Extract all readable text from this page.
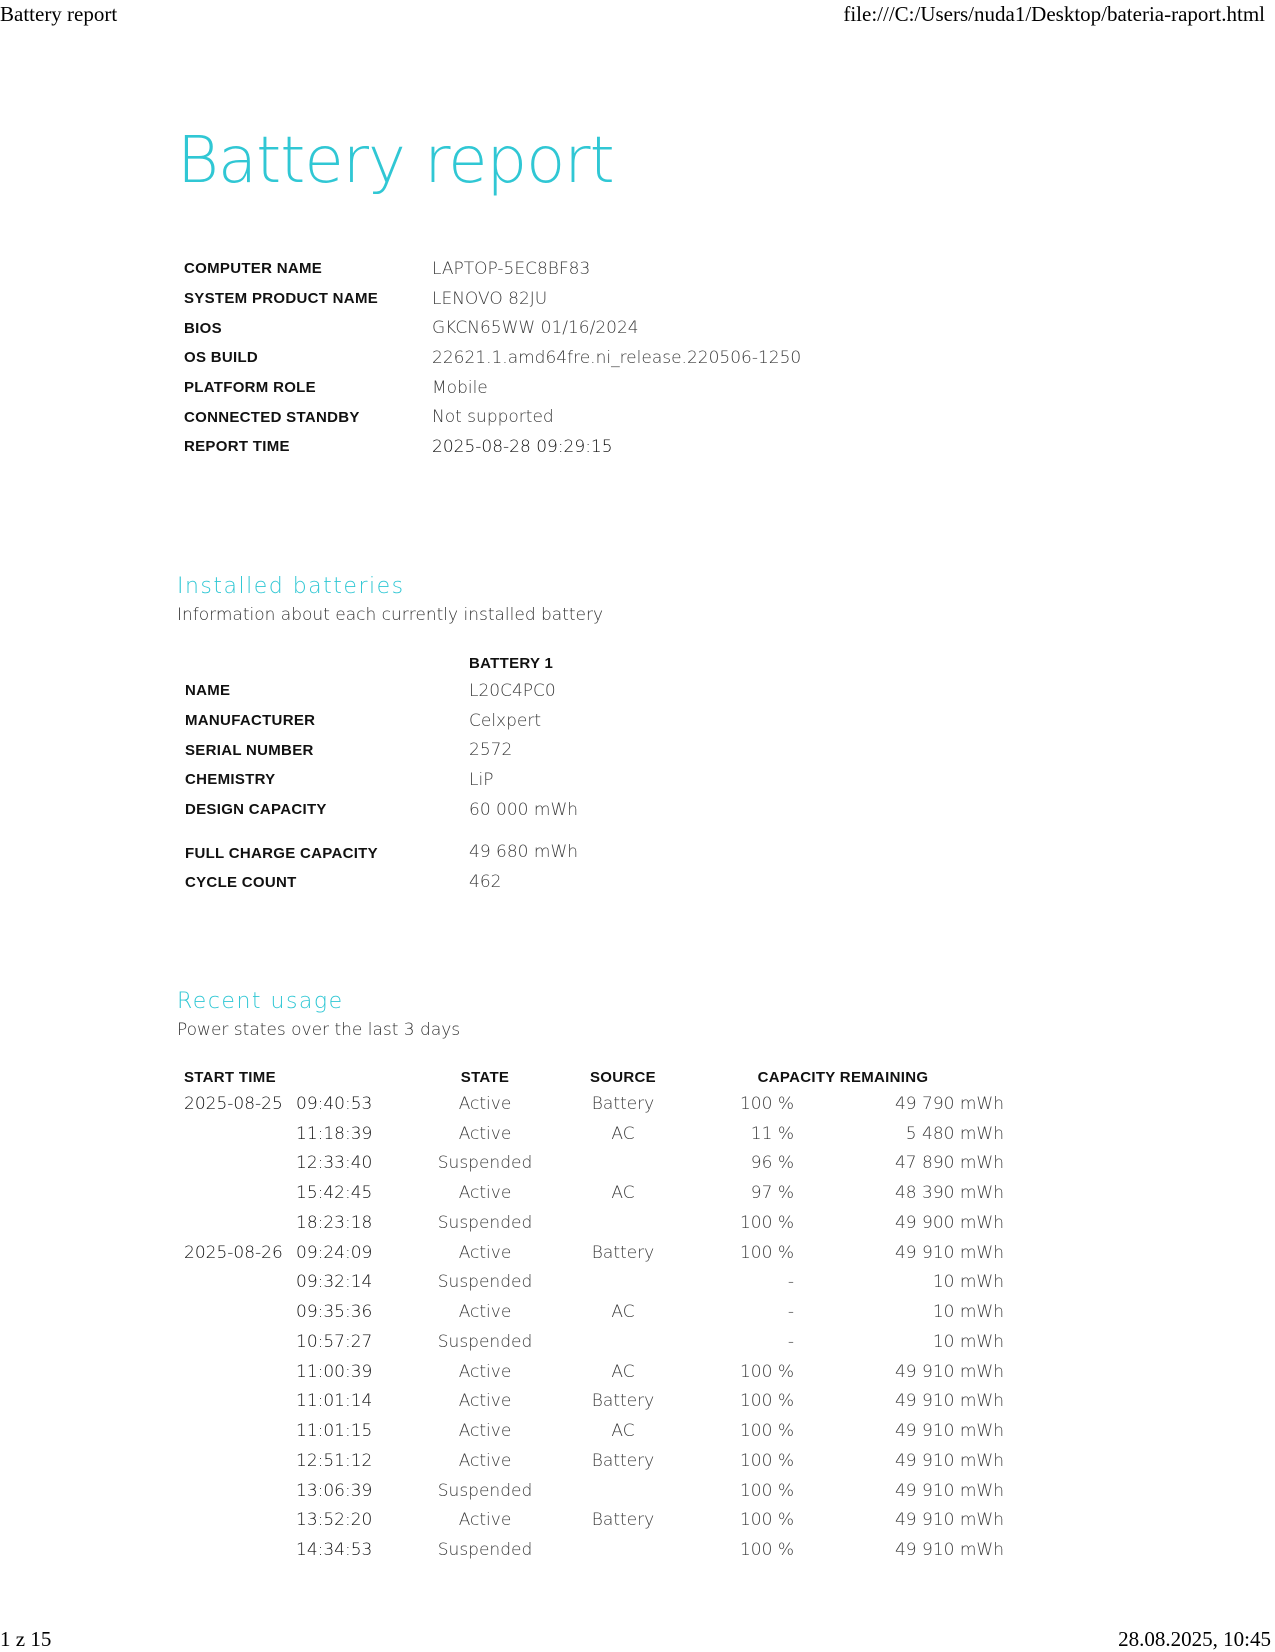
Battery report	file:///C:/Users/nuda1/Desktop/bateria-raport.html
1 z 15	28.08.2025, 10:45
Battery report
COMPUTER NAME	LAPTOP-5EC8BF83
SYSTEM PRODUCT NAME	LENOVO 82JU
BIOS	GKCN65WW 01/16/2024
OS BUILD	22621.1.amd64fre.ni_release.220506-1250
PLATFORM ROLE	Mobile
CONNECTED STANDBY	Not supported
REPORT TIME	2025-08-28 09:29:15
Installed batteries

Information about each currently installed battery

	BATTERY 1
NAME	L20C4PC0
MANUFACTURER	Celxpert
SERIAL NUMBER	2572
CHEMISTRY	LiP
DESIGN CAPACITY	60 000 mWh
FULL CHARGE CAPACITY	49 680 mWh
CYCLE COUNT	462
Recent usage

Power states over the last 3 days

START TIME		STATE	SOURCE	CAPACITY REMAINING	
2025-08-25	09:40:53	Active	Battery	100 %	49 790 mWh
	11:18:39	Active	AC	11 %	5 480 mWh
	12:33:40	Suspended		96 %	47 890 mWh
	15:42:45	Active	AC	97 %	48 390 mWh
	18:23:18	Suspended		100 %	49 900 mWh
2025-08-26	09:24:09	Active	Battery	100 %	49 910 mWh
	09:32:14	Suspended		-	10 mWh
	09:35:36	Active	AC	-	10 mWh
	10:57:27	Suspended		-	10 mWh
	11:00:39	Active	AC	100 %	49 910 mWh
	11:01:14	Active	Battery	100 %	49 910 mWh
	11:01:15	Active	AC	100 %	49 910 mWh
	12:51:12	Active	Battery	100 %	49 910 mWh
	13:06:39	Suspended		100 %	49 910 mWh
	13:52:20	Active	Battery	100 %	49 910 mWh
	14:34:53	Suspended		100 %	49 910 mWh
